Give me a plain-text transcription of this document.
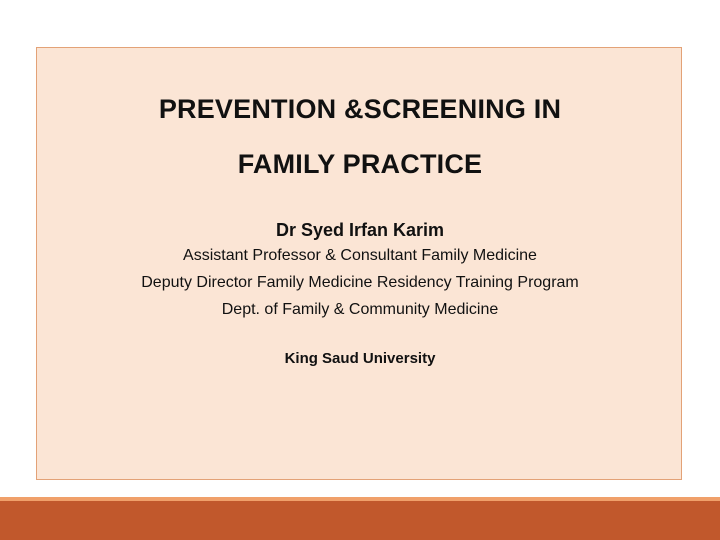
PREVENTION &SCREENING IN
FAMILY PRACTICE
Dr Syed Irfan Karim
Assistant Professor & Consultant Family Medicine
Deputy Director Family Medicine Residency Training Program
Dept. of Family & Community Medicine
King Saud University
